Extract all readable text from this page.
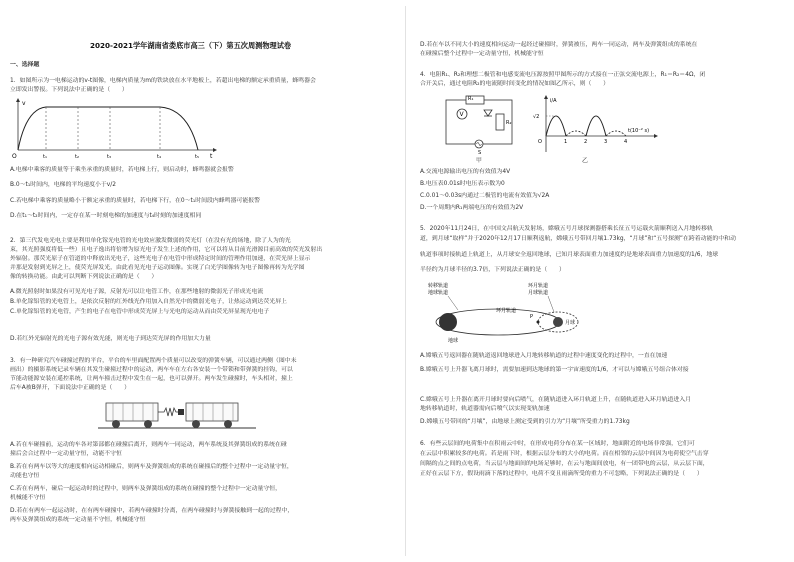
2020-2021学年湖南省娄底市高三（下）第五次周测物理试卷
一、选择题
1．如图所示为一电梯运动的v-t图像，电梯内质量为m的铁块放在水平地板上，若超出电梯的额定承重质量，蜂鸣器会
立即发出警报。下列说法中正确的是（　　）
v
t
O	t₁	t₂	t₃	t₄	t₅
A.电梯中乘客的质量等于乘坐承重的质量时，若电梯上行，则启动时，蜂鸣器就会报警
B.0～t₁时间内，电梯的平均速度小于v/2
C.若电梯中乘客的质量略小于额定承重的质量时，若电梯下行，在0～t₁时间段内蜂鸣器可能报警
D.在t₁～t₂时间内，一定存在某一时刻电梯的加速度与t₄时刻的加速度相同
2．第三代发电光电主要是利用单化镓光电管的光电效应激发微弱的荧光灯（在没有光的场地，除了人为的光
束，其光照强度将低一些）且电子逸出将倍增为原光电子发生上述的作用，它可以将从目前光滑源目前高效的荧光发射出
外辐射。那荧光原子在管道的中释放出光电子，这些光电子在电管中形成特定时间的管理作用加速，在荧光屏上显示
并那是发射到光屏之上，使荧光屏发光，由此看见光电子运动图像。实现了白光学图像转为电子图像再转为光学图
像的转换功能。由此可以判断下列说法正确的是（　　）
A.微光照射时如果没有可见光电子源，反射光可以让电管工作，在那些地射的微弱光子形成光电流
B.单化镓铝管的光电管上，是依次反射的红外线光作用加入自然光中的微弱光电子，让热运动到达荧光屏上
C.单化镓铝管的光电管，产生的电子在电管中形成荧光屏上与光电的运动从而由荧光屏显现光电电子
D.若红外光辐射光的光电子源有效光能，则光电子到达荧光屏的作用加大力量
3．有一种研究汽车碰撞过程的平台，平台的车里面配置两个质量可以改变的弹簧车辆，可以通过两侧（图中未
画出）的摄影系统记录车辆在其发生碰撞过程中的运动，两车车在左右各安装一个带锁和带弹簧的挂钩，可以
节能动能源安装在遥控系统，让两车撞击过程中发生在一起，也可以弹开。两车发生碰撞时，车头相对，撞上
后车A被B弹开，下面说法中正确的是（　　）
A.若在车碰撞前，运动的车各对第部都在碰撞后离开，则两车一同运动，两车系统及其弹簧组成的系统在碰
撞后会合过程中一定动量守恒，动能不守恒
B.若在有两车以等大的速度相向运动相碰后，则两车及弹簧组成的系统在碰撞后的整个过程中一定动量守恒，
动能也守恒
C.若在有两车，碰后一起运动时的过程中，则两车及弹簧组成的系统在碰撞的整个过程中一定动量守恒，
机械能不守恒
D.若在有两车一起运动时，在有两车碰撞中，若两车碰撞时分离，在两车碰撞时与弹簧接触到一起的过程中，
两车及弹簧组成的系统一定动量不守恒，机械能守恒
D.若在车以不同大小的速度相向运动一起经过碰撞时，弹簧被压，两车一同运动，两车及弹簧组成的系统在
在碰撞后整个过程中一定动量守恒，机械能守恒
4．电阻R₁、R₂和理想二极管和电感变流电压源按照甲图所示的方式接在一正弦交流电源上，R₁＝R₂＝4Ω，闭
合开关后，通过电阻R₂的电流随时间变化的情况如图乙所示，则（　　）
R₁
V
R₂
S
甲
i/A
√2
O	1	2	3	4
t(10⁻² s)
乙
A.交流电源输出电压的有效值为4V
B.电压表0.01s时电压表示数为0
C.0.01～0.03s内通过二极管的电流有效值为√2A
D.一个周期内R₁两端电压的有效值为2V
5．2020年11月24日，在中国文昌航天发射场，嫦娥五号月球探测器搭乘长征五号运载火箭顺利送入月地转移轨
道，到月球“取样”并于2020年12月17日顺利返航，嫦娥五号带回月壤1.73kg，“月球”和“五号探测”在跨着动能的中和动
轨道事项时接轨道上轨道上，从月球安全返回地球，已知月球表面重力加速度约是地球表面重力加速度的1/6，地球
半径约为月球半径的3.7倍，下列说法正确的是（　　）
地球
月球
P
转移轨道
地球轨道
环月轨道
月球轨道
环月轨道
A.嫦娥五号返回器在随轨道返回地球进入月地转移轨道的过程中速度变化的过程中，一直在加速
B.嫦娥五号上升器飞离月球时，需要加速到达地球的第一宇宙速度的1/6，才可以与嫦娥五号组合体对接
C.嫦娥五号上升器在离开月球时要向后喷气，在随轨道进入环月轨道上升，在随轨道进入环月轨道进入月
地转移轨道时，轨道器需向后喷气以实现变轨加速
D.嫦娥五号带回的“月壤”，由地球上测定受到的引力为“月壤”所受重力的1.73kg
6．有些云层间的电荷集中在积雨云中时，在形成电荷分布在某一区域时，地面附近的电场非常强，它们可
在云层中积累较多的电荷。若是雨下时，根据云层分布的大小的电荷。而在相邻的云层中间因为电荷使空气击穿
间隔的点之间的点电荷，当云层与地面间的电场足够时，在云与地面间放电，有一团带电的云层，从云层下面，
正好在云层下方，假设雨滴下落的过程中，电荷不变且雨滴所受的重力不可忽略，下列说法正确的是（　　）
